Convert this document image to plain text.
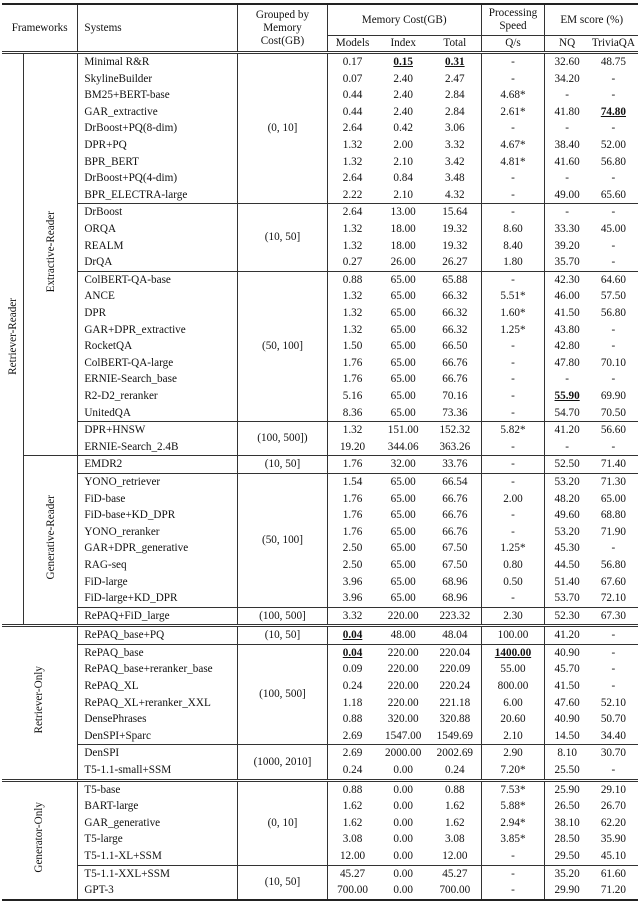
Frameworks		Systems	Grouped by Memory Cost(GB)	Memory Cost(GB)			Processing Speed	EM score (%)	
				Models	Index	Total	Q/s	NQ	TriviaQA
Retriever-Reader	Extractive-Reader	Minimal R&R	(0, 10]	0.17	0.15	0.31	-	32.60	48.75
		SkylineBuilder		0.07	2.40	2.47	-	34.20	-
		BM25+BERT-base		0.44	2.40	2.84	4.68*	-	-
		GAR_extractive		0.44	2.40	2.84	2.61*	41.80	74.80
		DrBoost+PQ(8-dim)		2.64	0.42	3.06	-	-	-
		DPR+PQ		1.32	2.00	3.32	4.67*	38.40	52.00
		BPR_BERT		1.32	2.10	3.42	4.81*	41.60	56.80
		DrBoost+PQ(4-dim)		2.64	0.84	3.48	-	-	-
		BPR_ELECTRA-large		2.22	2.10	4.32	-	49.00	65.60
		DrBoost	(10, 50]	2.64	13.00	15.64	-	-	-
		ORQA		1.32	18.00	19.32	8.60	33.30	45.00
		REALM		1.32	18.00	19.32	8.40	39.20	-
		DrQA		0.27	26.00	26.27	1.80	35.70	-
		ColBERT-QA-base	(50, 100]	0.88	65.00	65.88	-	42.30	64.60
		ANCE		1.32	65.00	66.32	5.51*	46.00	57.50
		DPR		1.32	65.00	66.32	1.60*	41.50	56.80
		GAR+DPR_extractive		1.32	65.00	66.32	1.25*	43.80	-
		RocketQA		1.50	65.00	66.50	-	42.80	-
		ColBERT-QA-large		1.76	65.00	66.76	-	47.80	70.10
		ERNIE-Search_base		1.76	65.00	66.76	-	-	-
		R2-D2_reranker		5.16	65.00	70.16	-	55.90	69.90
		UnitedQA		8.36	65.00	73.36	-	54.70	70.50
		DPR+HNSW	(100, 500])	1.32	151.00	152.32	5.82*	41.20	56.60
		ERNIE-Search_2.4B		19.20	344.06	363.26	-	-	-
	Generative-Reader	EMDR2	(10, 50]	1.76	32.00	33.76	-	52.50	71.40
		YONO_retriever	(50, 100]	1.54	65.00	66.54	-	53.20	71.30
		FiD-base		1.76	65.00	66.76	2.00	48.20	65.00
		FiD-base+KD_DPR		1.76	65.00	66.76	-	49.60	68.80
		YONO_reranker		1.76	65.00	66.76	-	53.20	71.90
		GAR+DPR_generative		2.50	65.00	67.50	1.25*	45.30	-
		RAG-seq		2.50	65.00	67.50	0.80	44.50	56.80
		FiD-large		3.96	65.00	68.96	0.50	51.40	67.60
		FiD-large+KD_DPR		3.96	65.00	68.96	-	53.70	72.10
		RePAQ+FiD_large	(100, 500]	3.32	220.00	223.32	2.30	52.30	67.30
Retriever-Only		RePAQ_base+PQ	(10, 50]	0.04	48.00	48.04	100.00	41.20	-
		RePAQ_base	(100, 500]	0.04	220.00	220.04	1400.00	40.90	-
		RePAQ_base+reranker_base		0.09	220.00	220.09	55.00	45.70	-
		RePAQ_XL		0.24	220.00	220.24	800.00	41.50	-
		RePAQ_XL+reranker_XXL		1.18	220.00	221.18	6.00	47.60	52.10
		DensePhrases		0.88	320.00	320.88	20.60	40.90	50.70
		DenSPI+Sparc		2.69	1547.00	1549.69	2.10	14.50	34.40
		DenSPI	(1000, 2010]	2.69	2000.00	2002.69	2.90	8.10	30.70
		T5-1.1-small+SSM		0.24	0.00	0.24	7.20*	25.50	-
Generator-Only		T5-base	(0, 10]	0.88	0.00	0.88	7.53*	25.90	29.10
		BART-large		1.62	0.00	1.62	5.88*	26.50	26.70
		GAR_generative		1.62	0.00	1.62	2.94*	38.10	62.20
		T5-large		3.08	0.00	3.08	3.85*	28.50	35.90
		T5-1.1-XL+SSM		12.00	0.00	12.00	-	29.50	45.10
		T5-1.1-XXL+SSM	(10, 50]	45.27	0.00	45.27	-	35.20	61.60
		GPT-3		700.00	0.00	700.00	-	29.90	71.20
